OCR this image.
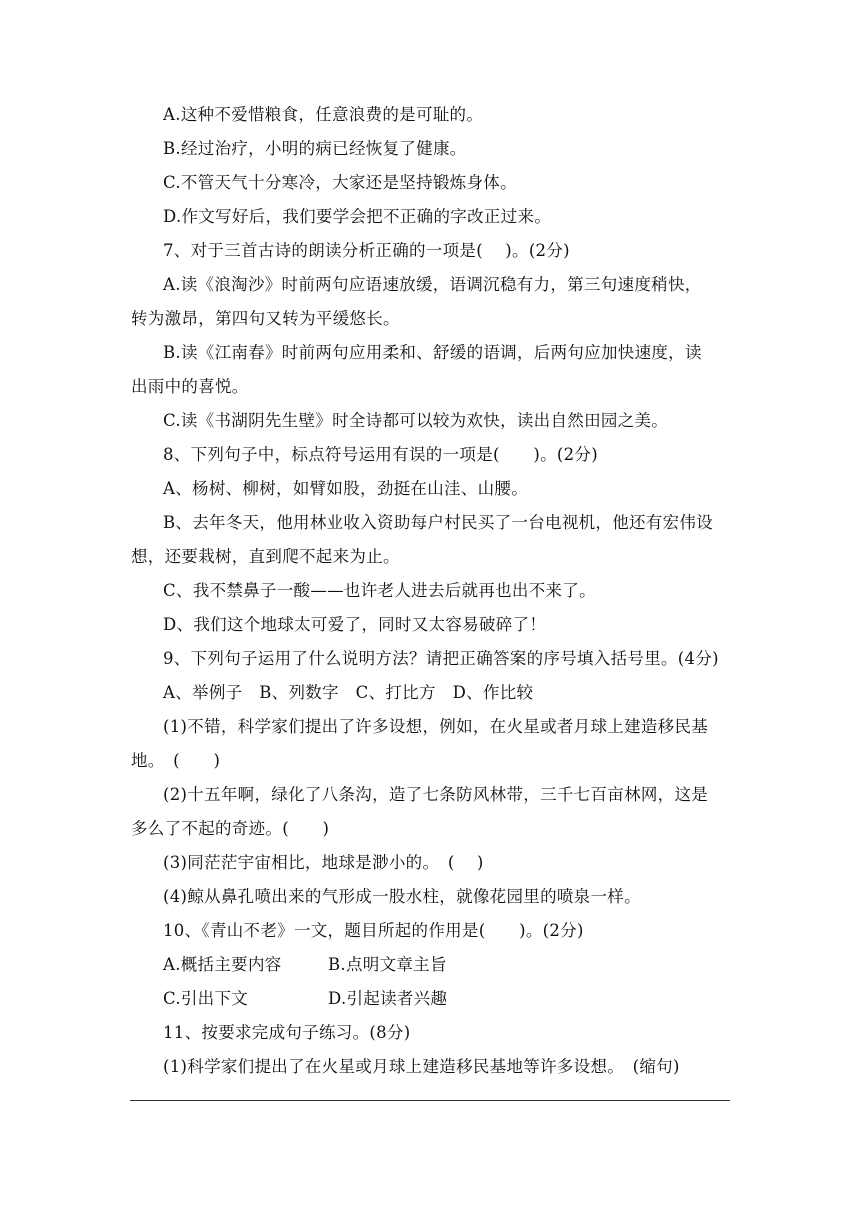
A.这种不爱惜粮食，任意浪费的是可耻的。
B.经过治疗，小明的病已经恢复了健康。
C.不管天气十分寒冷，大家还是坚持锻炼身体。
D.作文写好后，我们要学会把不正确的字改正过来。
7、对于三首古诗的朗读分析正确的一项是(　 )。(2分)
A.读《浪淘沙》时前两句应语速放缓，语调沉稳有力，第三句速度稍快，
转为激昂，第四句又转为平缓悠长。
B.读《江南春》时前两句应用柔和、舒缓的语调，后两句应加快速度，读
出雨中的喜悦。
C.读《书湖阴先生壁》时全诗都可以较为欢快，读出自然田园之美。
8、下列句子中，标点符号运用有误的一项是(　　)。(2分)
A、杨树、柳树，如臂如股，劲挺在山洼、山腰。
B、去年冬天，他用林业收入资助每户村民买了一台电视机，他还有宏伟设
想，还要栽树，直到爬不起来为止。
C、我不禁鼻子一酸——也许老人进去后就再也出不来了。
D、我们这个地球太可爱了，同时又太容易破碎了！
9、下列句子运用了什么说明方法？请把正确答案的序号填入括号里。(4分)
A、举例子　B、列数字　C、打比方　D、作比较
(1)不错，科学家们提出了许多设想，例如，在火星或者月球上建造移民基
地。　(　　)
(2)十五年啊，绿化了八条沟，造了七条防风林带，三千七百亩林网，这是
多么了不起的奇迹。(　　)
(3)同茫茫宇宙相比，地球是渺小的。　(　 )
(4)鲸从鼻孔喷出来的气形成一股水柱，就像花园里的喷泉一样。
10、《青山不老》一文，题目所起的作用是(　　)。(2分)
A.概括主要内容	B.点明文章主旨
C.引出下文	D.引起读者兴趣
11、按要求完成句子练习。(8分)
(1)科学家们提出了在火星或月球上建造移民基地等许多设想。　(缩句)
